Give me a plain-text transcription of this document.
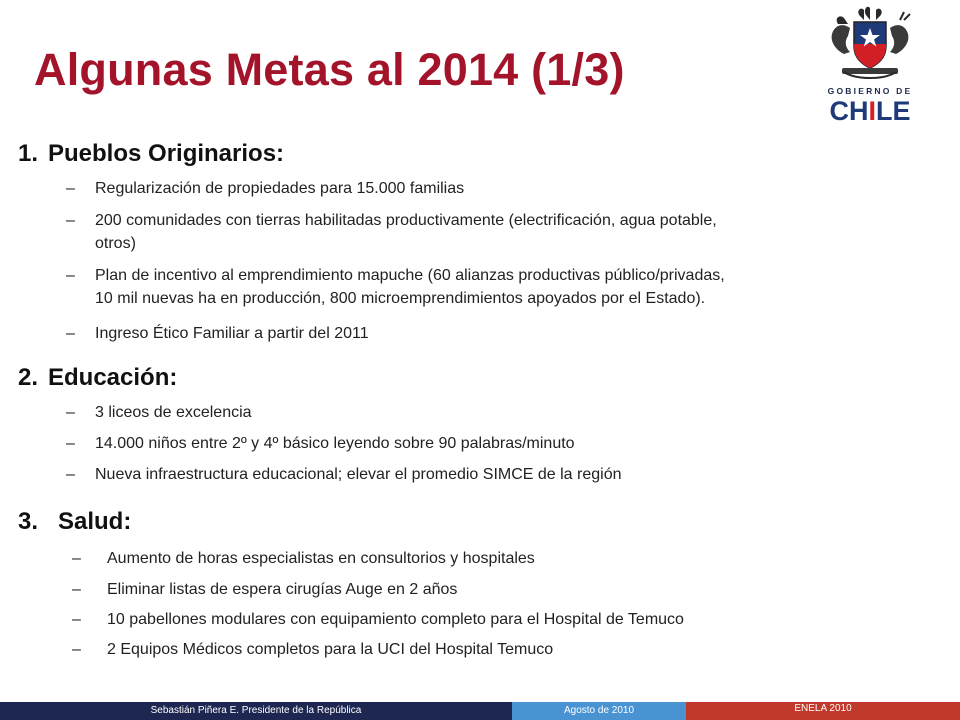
Algunas Metas al 2014 (1/3)	GOBIERNO DE
CHILE
1. Pueblos Originarios:
– Regularización de propiedades para 15.000 familias
– 200 comunidades con tierras habilitadas productivamente (electrificación, agua potable,
otros)
– Plan de incentivo al emprendimiento mapuche (60 alianzas productivas público/privadas,
10 mil nuevas ha en producción, 800 microemprendimientos apoyados por el Estado).
– Ingreso Ético Familiar a partir del 2011
2. Educación:
– 3 liceos de excelencia
– 14.000 niños entre 2º y 4º básico leyendo sobre 90 palabras/minuto
– Nueva infraestructura educacional; elevar el promedio SIMCE de la región
3. Salud:
– Aumento de horas especialistas en consultorios y hospitales
– Eliminar listas de espera cirugías Auge en 2 años
– 10 pabellones modulares con equipamiento completo para el Hospital de Temuco
– 2 Equipos Médicos completos para la UCI del Hospital Temuco
Sebastián Piñera E. Presidente de la República	Agosto de 2010	ENELA 2010
